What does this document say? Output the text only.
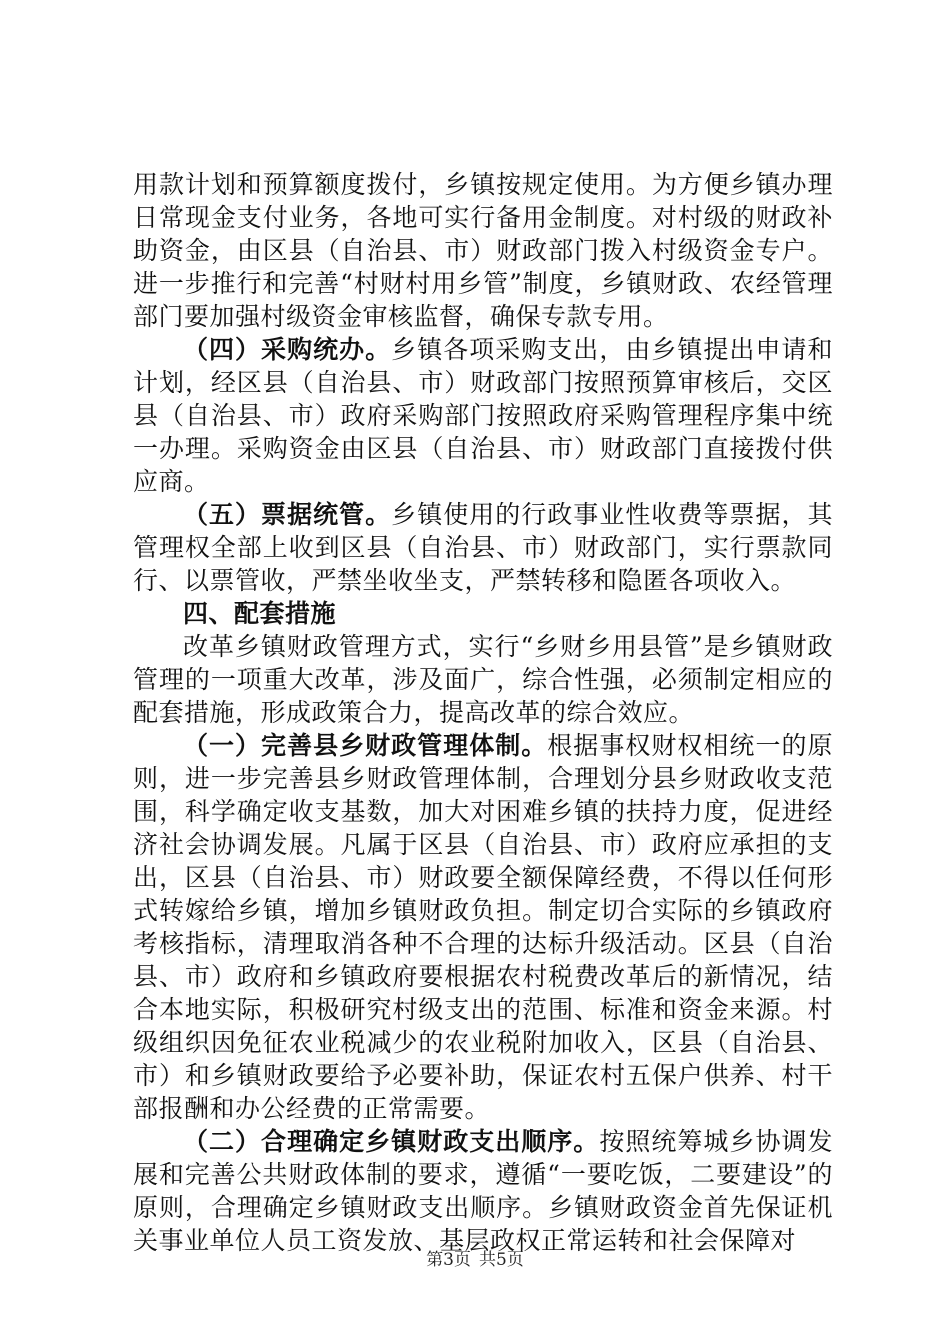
用款计划和预算额度拨付，乡镇按规定使用。为方便乡镇办理日常现金支付业务，各地可实行备用金制度。对村级的财政补助资金，由区县（自治县、市）财政部门拨入村级资金专户。进一步推行和完善“村财村用乡管”制度，乡镇财政、农经管理部门要加强村级资金审核监督，确保专款专用。

（四）采购统办。乡镇各项采购支出，由乡镇提出申请和计划，经区县（自治县、市）财政部门按照预算审核后，交区县（自治县、市）政府采购部门按照政府采购管理程序集中统一办理。采购资金由区县（自治县、市）财政部门直接拨付供应商。

（五）票据统管。乡镇使用的行政事业性收费等票据，其管理权全部上收到区县（自治县、市）财政部门，实行票款同行、以票管收，严禁坐收坐支，严禁转移和隐匿各项收入。

四、配套措施

改革乡镇财政管理方式，实行“乡财乡用县管”是乡镇财政管理的一项重大改革，涉及面广，综合性强，必须制定相应的配套措施，形成政策合力，提高改革的综合效应。

（一）完善县乡财政管理体制。根据事权财权相统一的原则，进一步完善县乡财政管理体制，合理划分县乡财政收支范围，科学确定收支基数，加大对困难乡镇的扶持力度，促进经济社会协调发展。凡属于区县（自治县、市）政府应承担的支出，区县（自治县、市）财政要全额保障经费，不得以任何形式转嫁给乡镇，增加乡镇财政负担。制定切合实际的乡镇政府考核指标，清理取消各种不合理的达标升级活动。区县（自治县、市）政府和乡镇政府要根据农村税费改革后的新情况，结合本地实际，积极研究村级支出的范围、标准和资金来源。村级组织因免征农业税减少的农业税附加收入，区县（自治县、市）和乡镇财政要给予必要补助，保证农村五保户供养、村干部报酬和办公经费的正常需要。

（二）合理确定乡镇财政支出顺序。按照统筹城乡协调发展和完善公共财政体制的要求，遵循“一要吃饭，二要建设”的原则，合理确定乡镇财政支出顺序。乡镇财政资金首先保证机关事业单位人员工资发放、基层政权正常运转和社会保障对

第3页 共5页
